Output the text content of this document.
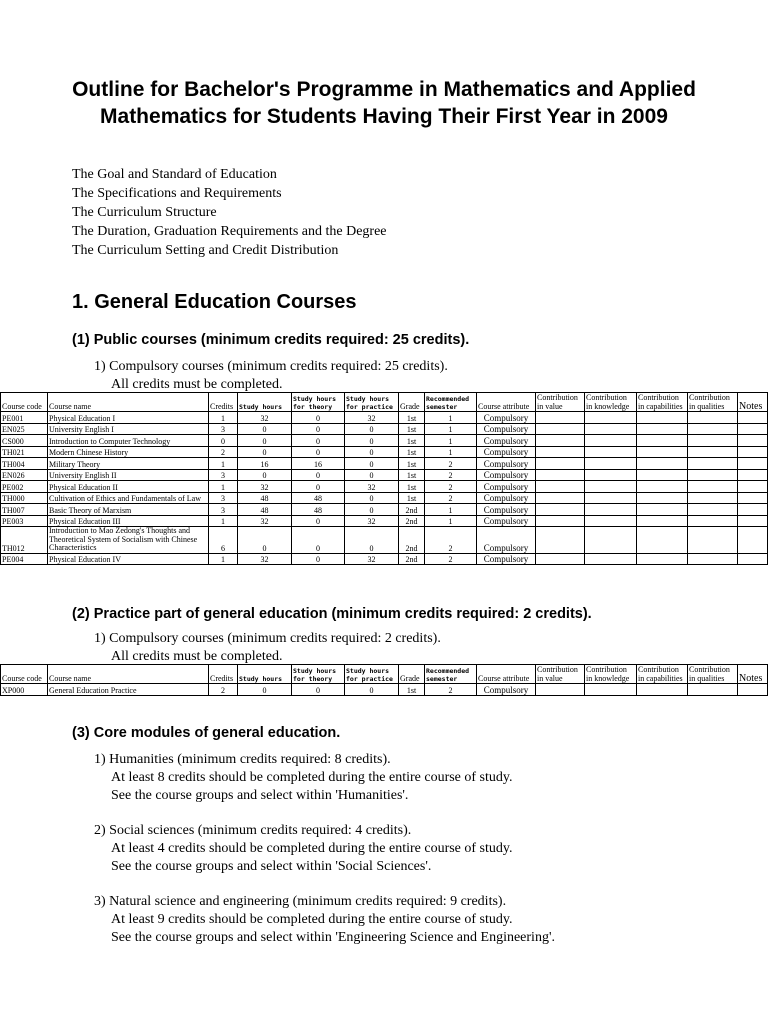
Outline for Bachelor's Programme in Mathematics and Applied Mathematics for Students Having Their First Year in 2009
The Goal and Standard of Education
The Specifications and Requirements
The Curriculum Structure
The Duration, Graduation Requirements and the Degree
The Curriculum Setting and Credit Distribution
1. General Education Courses
(1) Public courses (minimum credits required: 25 credits).
1) Compulsory courses (minimum credits required: 25 credits).
All credits must be completed.
Course code	Course name	Credits	Study hours	Study hours for theory	Study hours for practice	Grade	Recommended semester	Course attribute	Contribution in value	Contribution in knowledge	Contribution in capabilities	Contribution in qualities	Notes
PE001	Physical Education I	1	32	0	32	1st	1	Compulsory					
EN025	University English I	3	0	0	0	1st	1	Compulsory					
CS000	Introduction to Computer Technology	0	0	0	0	1st	1	Compulsory					
TH021	Modern Chinese History	2	0	0	0	1st	1	Compulsory					
TH004	Military Theory	1	16	16	0	1st	2	Compulsory					
EN026	University English II	3	0	0	0	1st	2	Compulsory					
PE002	Physical Education II	1	32	0	32	1st	2	Compulsory					
TH000	Cultivation of Ethics and Fundamentals of Law	3	48	48	0	1st	2	Compulsory					
TH007	Basic Theory of Marxism	3	48	48	0	2nd	1	Compulsory					
PE003	Physical Education III	1	32	0	32	2nd	1	Compulsory					
TH012	Introduction to Mao Zedong's Thoughts and Theoretical System of Socialism with Chinese Characteristics	6	0	0	0	2nd	2	Compulsory					
PE004	Physical Education IV	1	32	0	32	2nd	2	Compulsory					
(2) Practice part of general education (minimum credits required: 2 credits).
1) Compulsory courses (minimum credits required: 2 credits).
All credits must be completed.
Course code	Course name	Credits	Study hours	Study hours for theory	Study hours for practice	Grade	Recommended semester	Course attribute	Contribution in value	Contribution in knowledge	Contribution in capabilities	Contribution in qualities	Notes
XP000	General Education Practice	2	0	0	0	1st	2	Compulsory					
(3) Core modules of general education.
1) Humanities (minimum credits required: 8 credits).
At least 8 credits should be completed during the entire course of study.
See the course groups and select within 'Humanities'.
2) Social sciences (minimum credits required: 4 credits).
At least 4 credits should be completed during the entire course of study.
See the course groups and select within 'Social Sciences'.
3) Natural science and engineering (minimum credits required: 9 credits).
At least 9 credits should be completed during the entire course of study.
See the course groups and select within 'Engineering Science and Engineering'.
